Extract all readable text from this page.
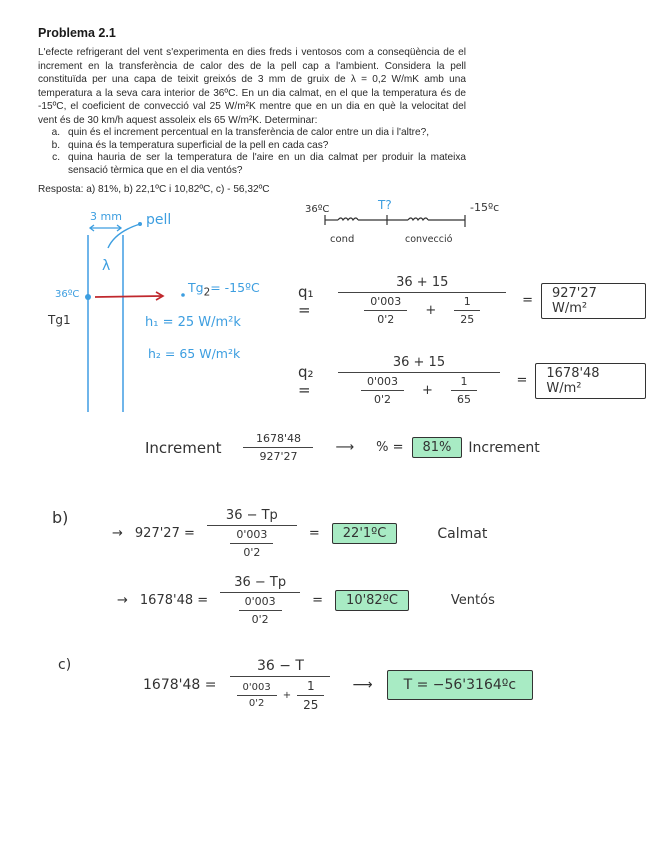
Problema 2.1
L'efecte refrigerant del vent s'experimenta en dies freds i ventosos com a conseqüència de el increment en la transferència de calor des de la pell cap a l'ambient. Considera la pell constituïda per una capa de teixit greixós de 3 mm de gruix de λ = 0,2 W/mK amb una temperatura a la seva cara interior de 36ºC. En un dia calmat, en el que la temperatura és de -15ºC, el coeficient de convecció val 25 W/m²K mentre que en un dia en què la velocitat del vent és de 30 km/h aquest assoleix els 65 W/m²K. Determinar:
a. quin és el increment percentual en la transferència de calor entre un dia i l'altre?,
b. quina és la temperatura superficial de la pell en cada cas?
c. quina hauria de ser la temperatura de l'aire en un dia calmat per produir la mateixa sensació tèrmica que en el dia ventós?
Resposta: a) 81%, b) 22,1ºC i 10,82ºC, c) - 56,32ºC
3 mm pell
λ
36ºC
Tg1
$Tg_2=$ -15ºC
h₁ = 25 W/m²k
h₂ = 65 W/m²k
36ºC	T?	-15ºc
cond	convecció
q₁ =	$\frac{36 + 15}{\frac{0'003}{0'2} + \frac{1}{25}}$ =	927'27 W/m²
q₂ =	$\frac{36 + 15}{\frac{0'003}{0'2} + \frac{1}{65}}$ =	1678'48 W/m²
Increment $\frac{1678'48}{927'27}$ ⟶ % =	81%	Increment
b)
→ $927'27 = \frac{36 - Tp}{\frac{0'003}{0'2}}$ =	22'1ºC	Calmat
→ $1678'48 = \frac{36 - Tp}{\frac{0'003}{0'2}}$ =	10'82ºC	Ventós
c)
$1678'48 = \frac{36 - T}{\frac{0'003}{0'2} + \frac{1}{25}}$ ⟶	T = −56'3164ºc
